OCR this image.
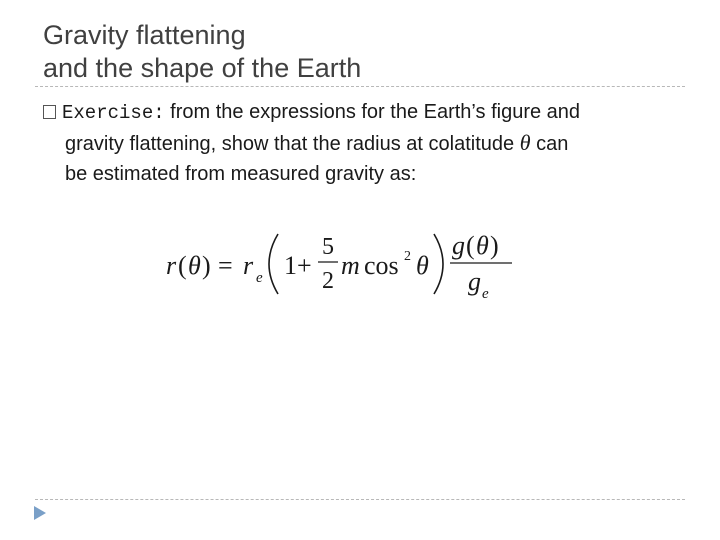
Gravity flattening
and the shape of the Earth
Exercise: from the expressions for the Earth’s figure and
gravity flattening, show that the radius at colatitude θ can
be estimated from measured gravity as:
r ( θ ) = r e 1+
5
2
m cos 2 θ
g ( θ )
g e
